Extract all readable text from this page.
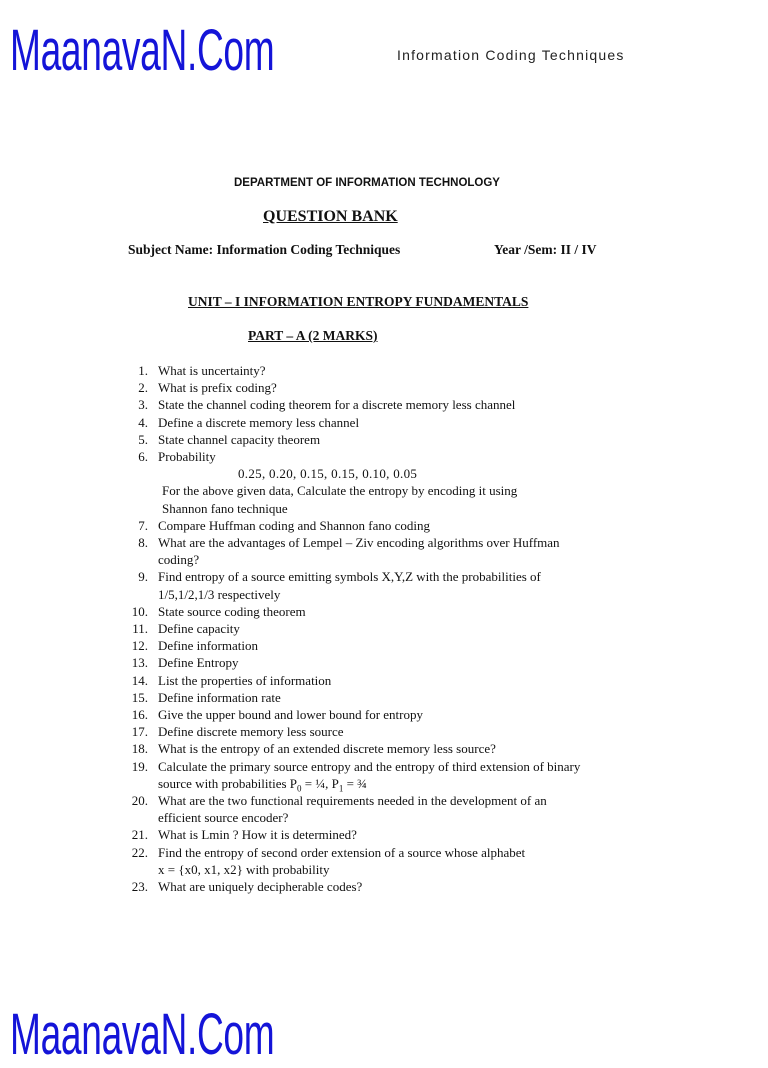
MaanavaN.Com	Information Coding Techniques
DEPARTMENT OF INFORMATION TECHNOLOGY
QUESTION BANK
Subject Name: Information Coding Techniques	Year /Sem: II / IV
UNIT – I INFORMATION ENTROPY FUNDAMENTALS
PART – A (2 MARKS)
1. What is uncertainty?
2. What is prefix coding?
3. State the channel coding theorem for a discrete memory less channel
4. Define a discrete memory less channel
5. State channel capacity theorem
6. Probability
0.25, 0.20, 0.15, 0.15, 0.10, 0.05
For the above given data, Calculate the entropy by encoding it using
Shannon fano technique
7. Compare Huffman coding and Shannon fano coding
8. What are the advantages of Lempel – Ziv encoding algorithms over Huffman
coding?
9. Find entropy of a source emitting symbols X,Y,Z with the probabilities of
1/5,1/2,1/3 respectively
10. State source coding theorem
11. Define capacity
12. Define information
13. Define Entropy
14. List the properties of information
15. Define information rate
16. Give the upper bound and lower bound for entropy
17. Define discrete memory less source
18. What is the entropy of an extended discrete memory less source?
19. Calculate the primary source entropy and the entropy of third extension of binary
source with probabilities $P_0$ = ¼, $P_1$ = ¾
20. What are the two functional requirements needed in the development of an
efficient source encoder?
21. What is Lmin ? How it is determined?
22. Find the entropy of second order extension of a source whose alphabet
x = {x0, x1, x2} with probability
23. What are uniquely decipherable codes?
MaanavaN.Com
